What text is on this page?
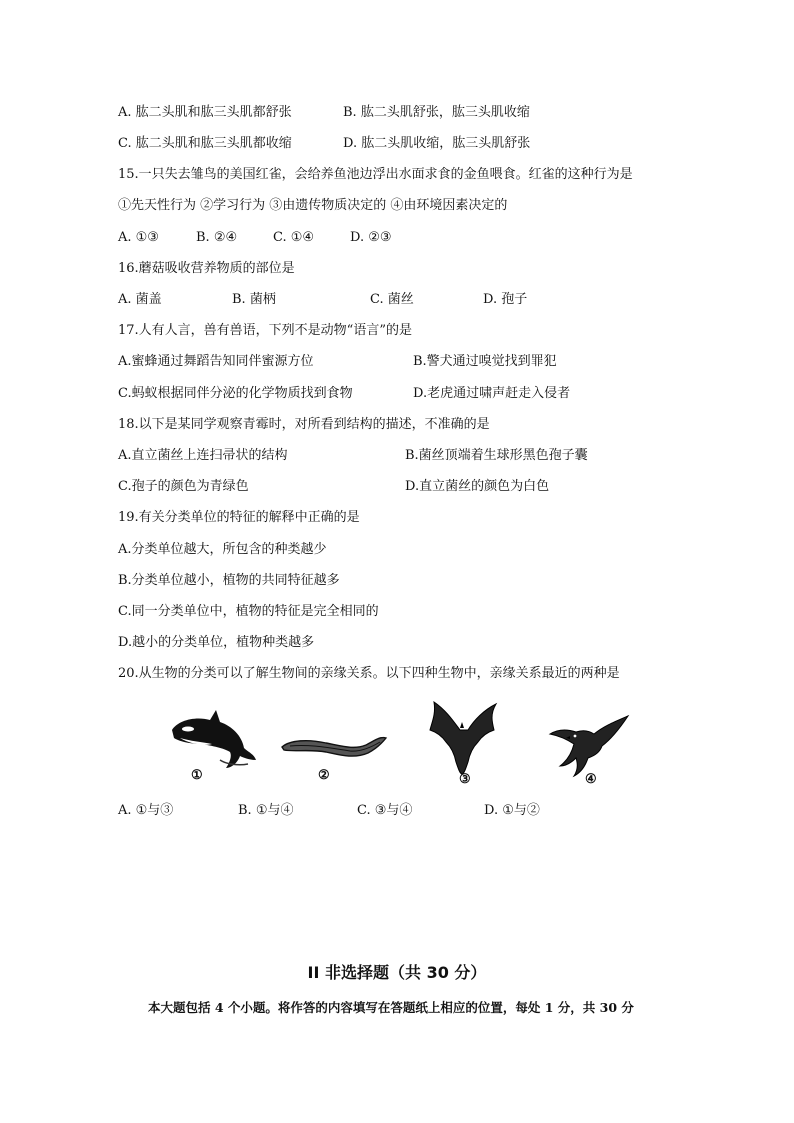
A. 肱二头肌和肱三头肌都舒张	B. 肱二头肌舒张，肱三头肌收缩
C. 肱二头肌和肱三头肌都收缩	D. 肱二头肌收缩，肱三头肌舒张
15.一只失去雏鸟的美国红雀，会给养鱼池边浮出水面求食的金鱼喂食。红雀的这种行为是
①先天性行为 ②学习行为 ③由遗传物质决定的 ④由环境因素决定的
A. ①③	B. ②④	C. ①④	D. ②③
16.蘑菇吸收营养物质的部位是
A. 菌盖	B. 菌柄	C. 菌丝	D. 孢子
17.人有人言，兽有兽语，下列不是动物“语言”的是
A.蜜蜂通过舞蹈告知同伴蜜源方位	B.警犬通过嗅觉找到罪犯
C.蚂蚁根据同伴分泌的化学物质找到食物	D.老虎通过啸声赶走入侵者
18.以下是某同学观察青霉时，对所看到结构的描述，不准确的是
A.直立菌丝上连扫帚状的结构	B.菌丝顶端着生球形黑色孢子囊
C.孢子的颜色为青绿色	D.直立菌丝的颜色为白色
19.有关分类单位的特征的解释中正确的是
A.分类单位越大，所包含的种类越少
B.分类单位越小，植物的共同特征越多
C.同一分类单位中，植物的特征是完全相同的
D.越小的分类单位，植物种类越多
20.从生物的分类可以了解生物间的亲缘关系。以下四种生物中，亲缘关系最近的两种是
①	②	③	④
A. ①与③	B. ①与④	C. ③与④	D. ①与②
II 非选择题（共 30 分）
本大题包括 4 个小题。将作答的内容填写在答题纸上相应的位置，每处 1 分，共 30 分
